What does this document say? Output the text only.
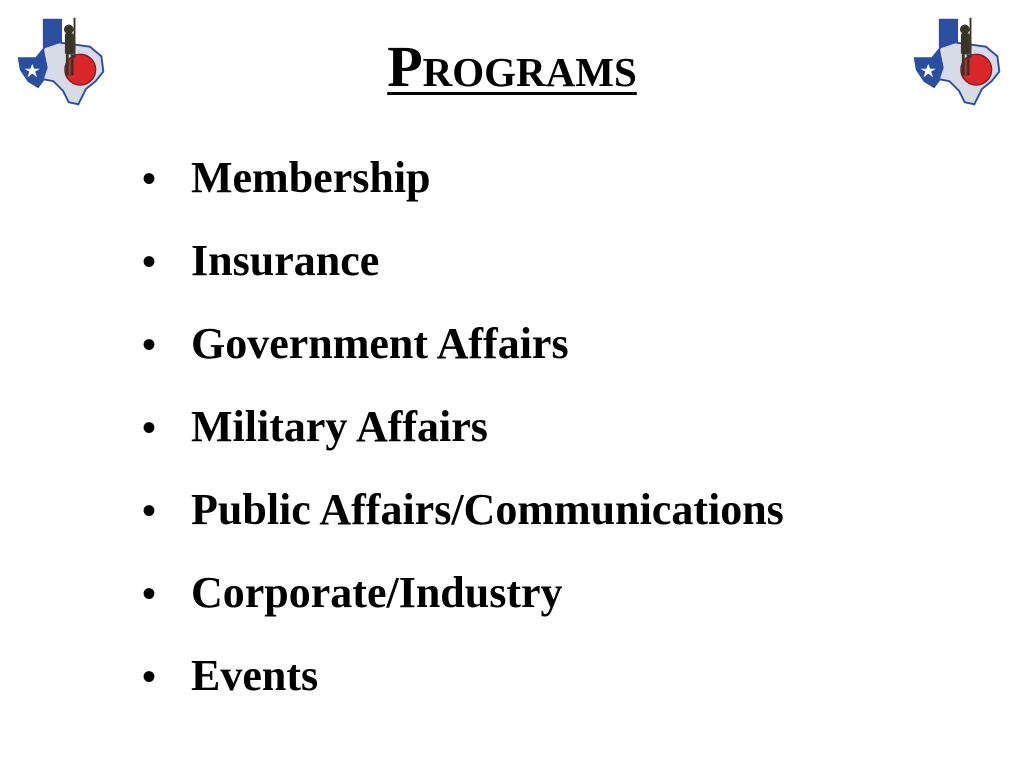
Programs
• Membership
• Insurance
• Government Affairs
• Military Affairs
• Public Affairs/Communications
• Corporate/Industry
• Events
